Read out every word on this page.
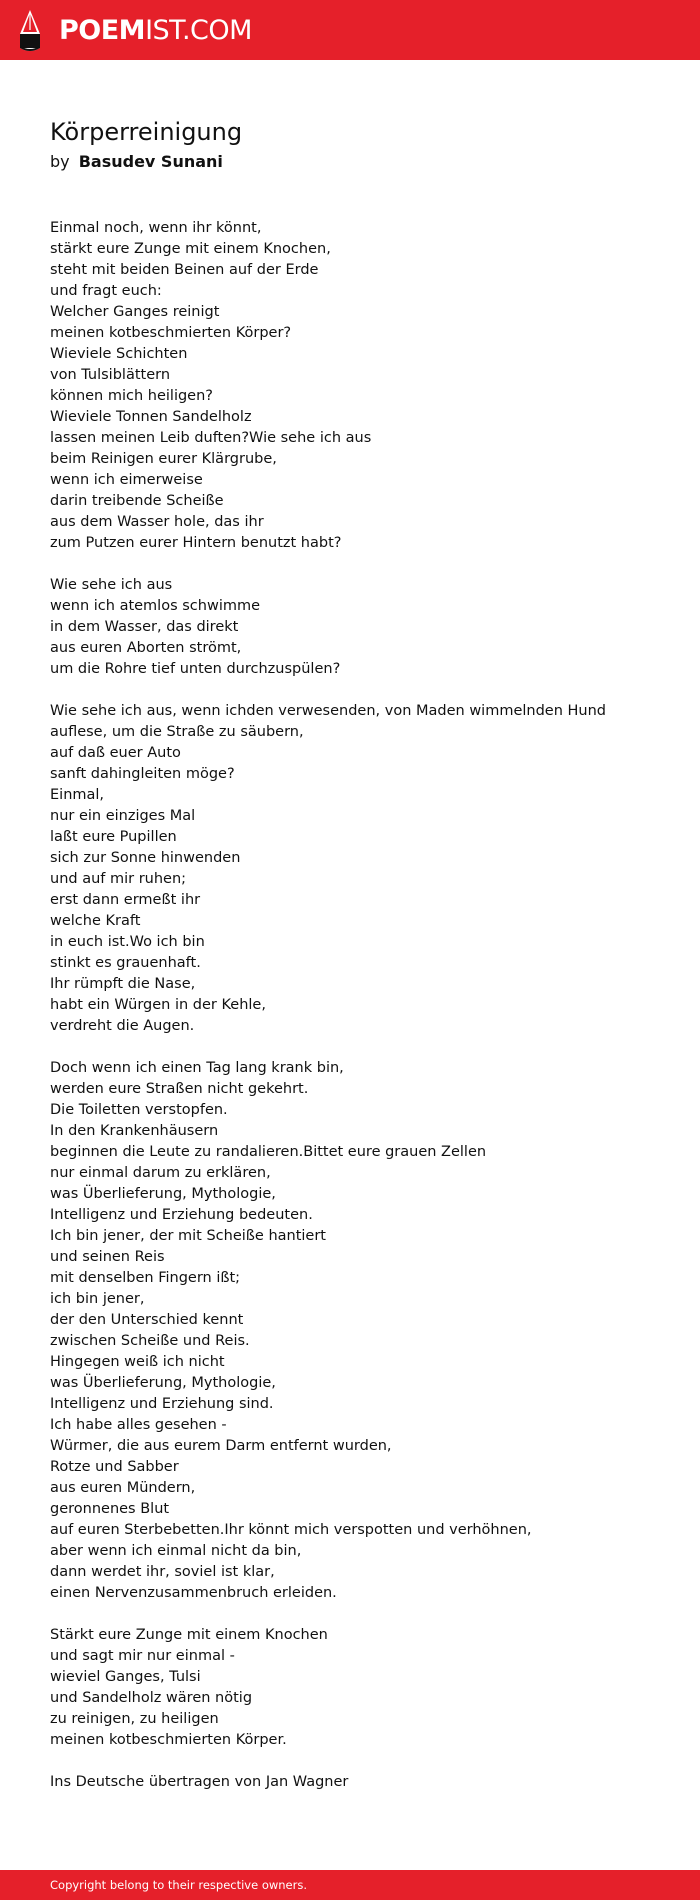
POEMIST.COM
Körperreinigung
by Basudev Sunani
Einmal noch, wenn ihr könnt,
stärkt eure Zunge mit einem Knochen,
steht mit beiden Beinen auf der Erde
und fragt euch:
Welcher Ganges reinigt
meinen kotbeschmierten Körper?
Wieviele Schichten
von Tulsiblättern
können mich heiligen?
Wieviele Tonnen Sandelholz
lassen meinen Leib duften?Wie sehe ich aus
beim Reinigen eurer Klärgrube,
wenn ich eimerweise
darin treibende Scheiße
aus dem Wasser hole, das ihr
zum Putzen eurer Hintern benutzt habt?
Wie sehe ich aus
wenn ich atemlos schwimme
in dem Wasser, das direkt
aus euren Aborten strömt,
um die Rohre tief unten durchzuspülen?
Wie sehe ich aus, wenn ichden verwesenden, von Maden wimmelnden Hund
auflese, um die Straße zu säubern,
auf daß euer Auto
sanft dahingleiten möge?
Einmal,
nur ein einziges Mal
laßt eure Pupillen
sich zur Sonne hinwenden
und auf mir ruhen;
erst dann ermeßt ihr
welche Kraft
in euch ist.Wo ich bin
stinkt es grauenhaft.
Ihr rümpft die Nase,
habt ein Würgen in der Kehle,
verdreht die Augen.
Doch wenn ich einen Tag lang krank bin,
werden eure Straßen nicht gekehrt.
Die Toiletten verstopfen.
In den Krankenhäusern
beginnen die Leute zu randalieren.Bittet eure grauen Zellen
nur einmal darum zu erklären,
was Überlieferung, Mythologie,
Intelligenz und Erziehung bedeuten.
Ich bin jener, der mit Scheiße hantiert
und seinen Reis
mit denselben Fingern ißt;
ich bin jener,
der den Unterschied kennt
zwischen Scheiße und Reis.
Hingegen weiß ich nicht
was Überlieferung, Mythologie,
Intelligenz und Erziehung sind.
Ich habe alles gesehen -
Würmer, die aus eurem Darm entfernt wurden,
Rotze und Sabber
aus euren Mündern,
geronnenes Blut
auf euren Sterbebetten.Ihr könnt mich verspotten und verhöhnen,
aber wenn ich einmal nicht da bin,
dann werdet ihr, soviel ist klar,
einen Nervenzusammenbruch erleiden.
Stärkt eure Zunge mit einem Knochen
und sagt mir nur einmal -
wieviel Ganges, Tulsi
und Sandelholz wären nötig
zu reinigen, zu heiligen
meinen kotbeschmierten Körper.
Ins Deutsche übertragen von Jan Wagner
Copyright belong to their respective owners.
